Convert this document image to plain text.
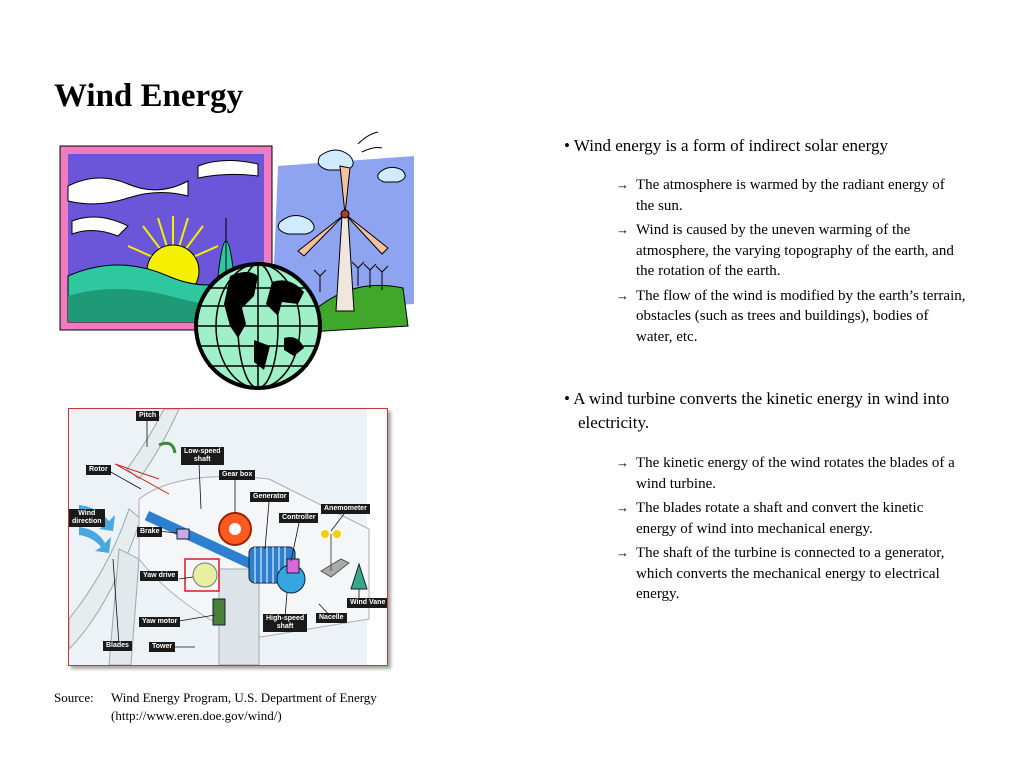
Wind Energy
Pitch
Low-speed
shaft
Rotor
Gear box
Generator
Anemometer
Wind
direction
Controller
Brake
Yaw drive
Wind Vane
Yaw motor	High-speed
shaft
Nacelle
Blades	Tower

• Wind energy is a form of indirect solar energy

→ The atmosphere is warmed by the radiant energy of the sun.
→ Wind is caused by the uneven warming of the atmosphere, the varying topography of the earth, and the rotation of the earth.
→ The flow of the wind is modified by the earth’s terrain, obstacles (such as trees and buildings), bodies of water, etc.

• A wind turbine converts the kinetic energy in wind into electricity.

→ The kinetic energy of the wind rotates the blades of a wind turbine.
→ The blades rotate a shaft and convert the kinetic energy of wind into mechanical energy.
→ The shaft of the turbine is connected to a generator, which converts the mechanical energy to electrical energy.
Source: Wind Energy Program, U.S. Department of Energy
(http://www.eren.doe.gov/wind/)
